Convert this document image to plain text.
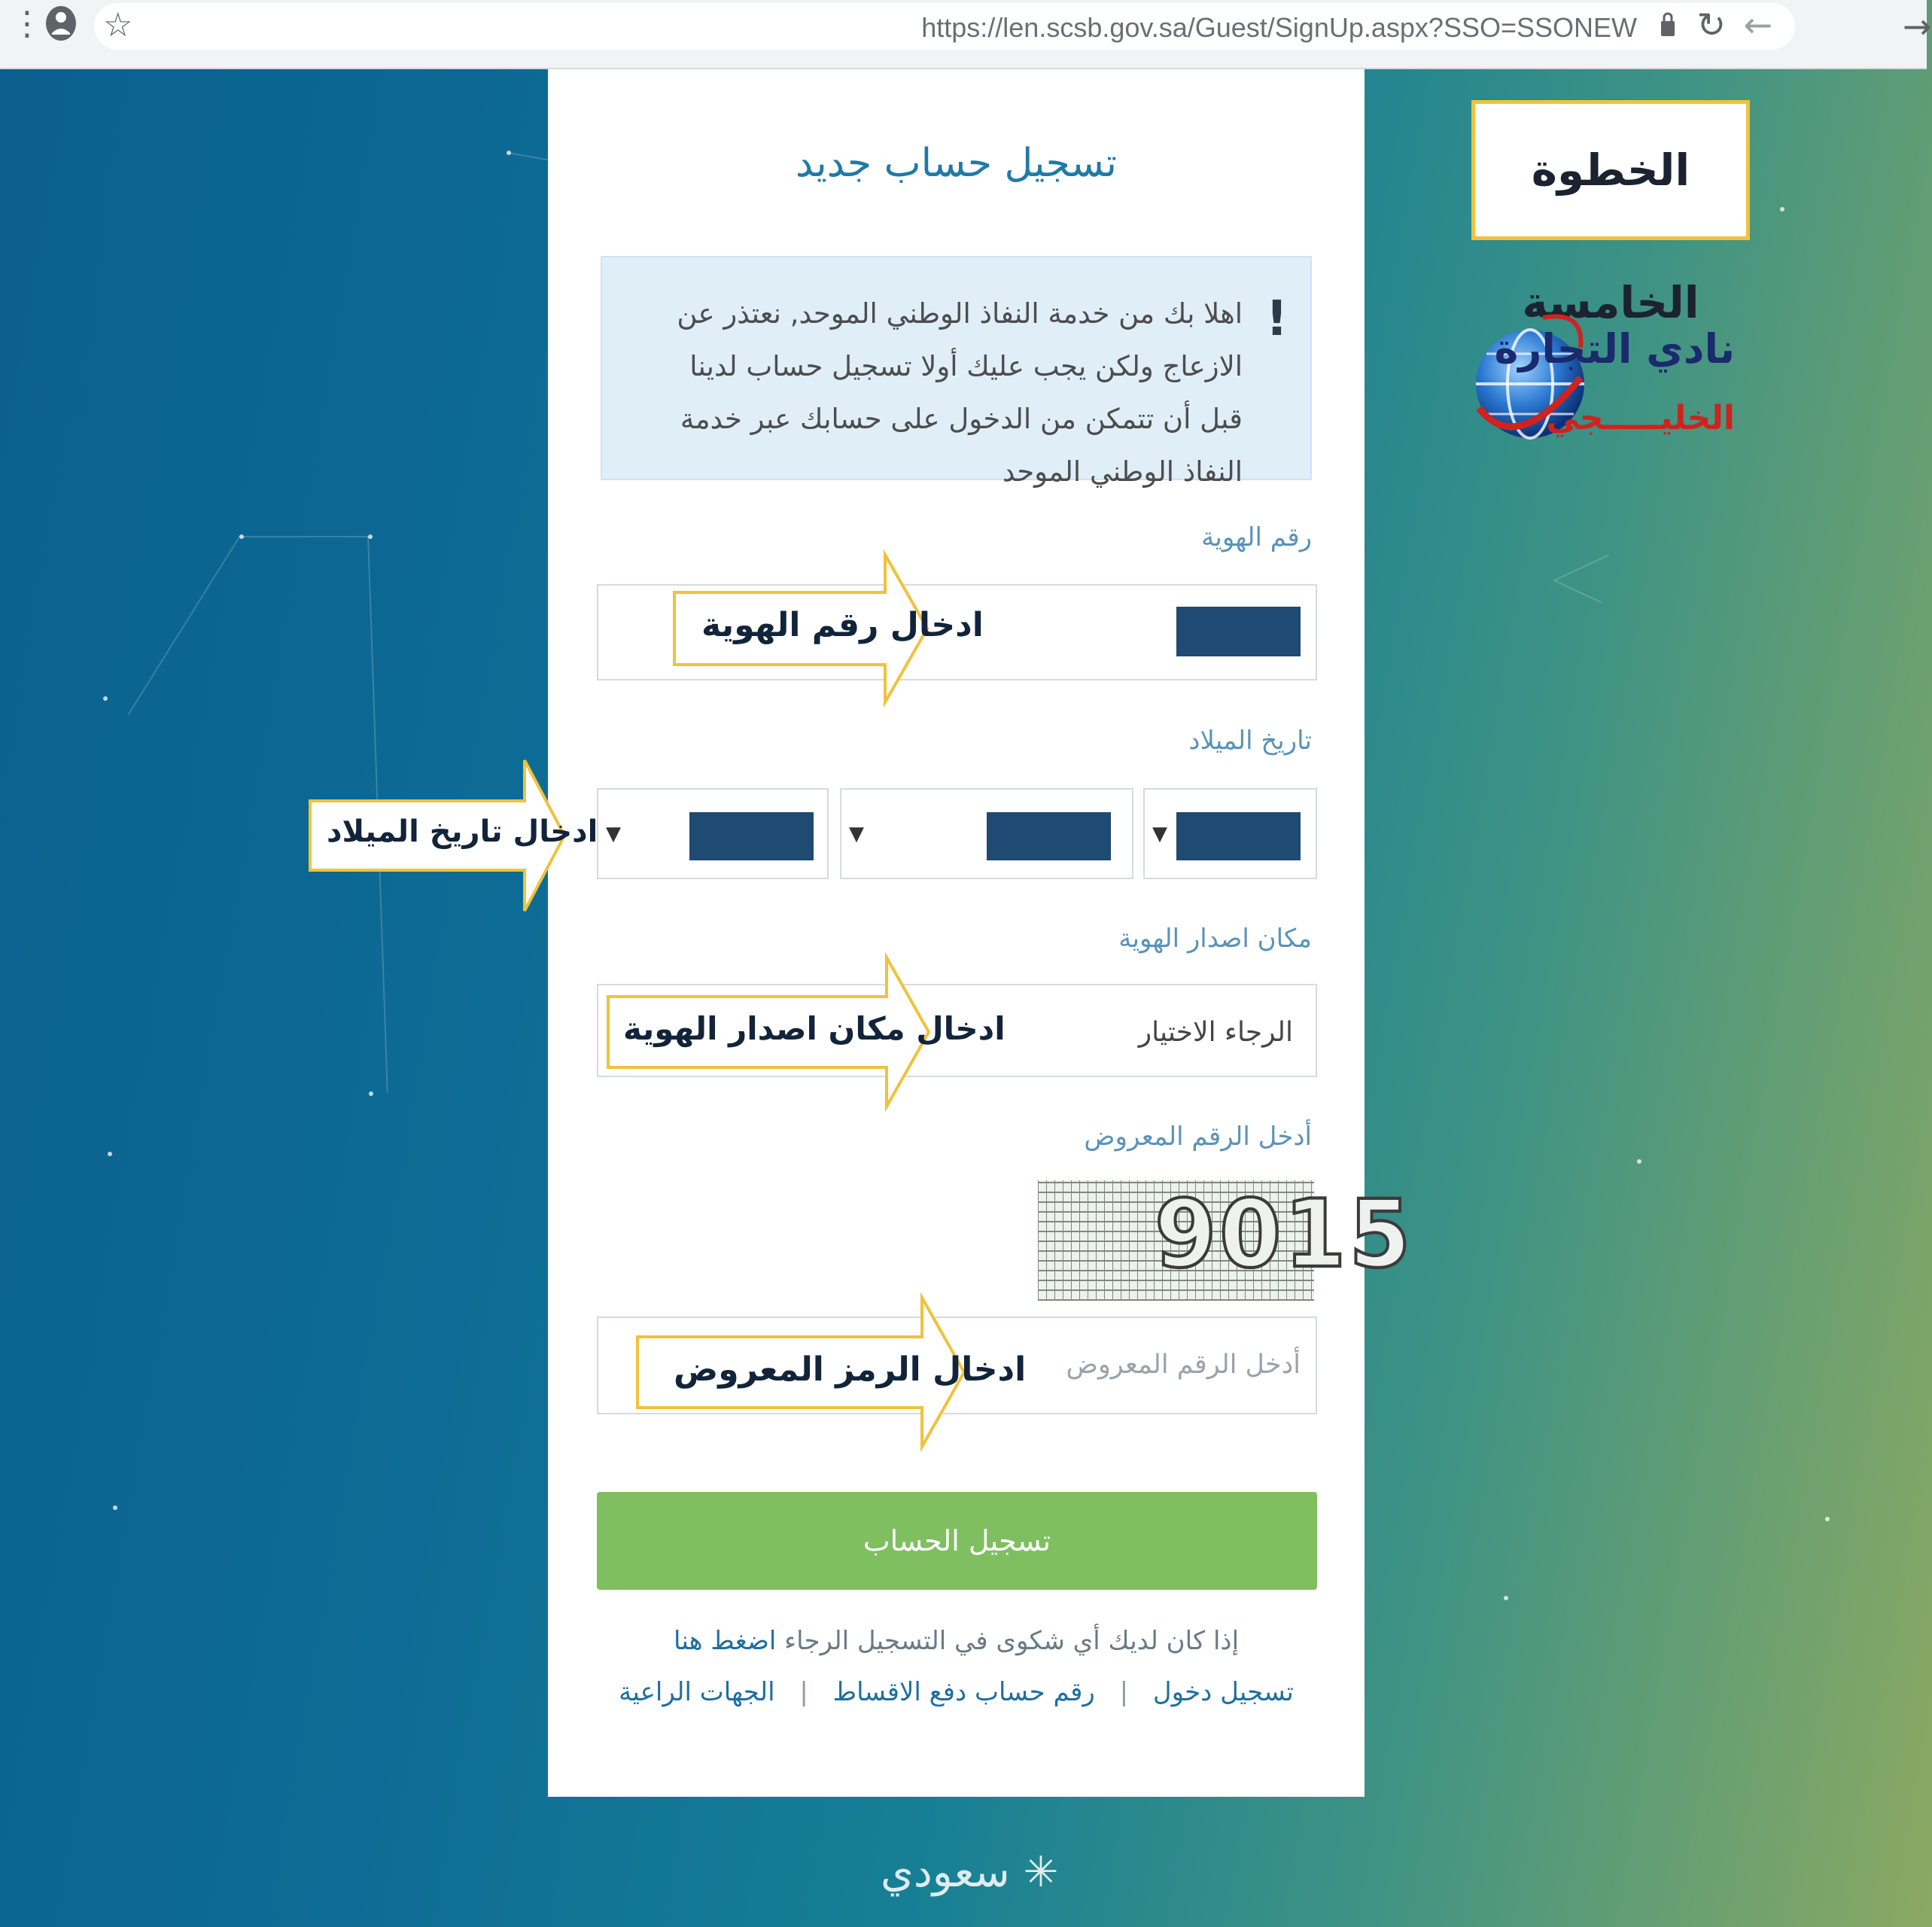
⋮ ☆	https://len.scsb.gov.sa/Guest/SignUp.aspx?SSO=SSONEW ↻ ←	→
تسجيل حساب جديد
!
اهلا بك من خدمة النفاذ الوطني الموحد, نعتذر عن الازعاج ولكن يجب عليك أولا تسجيل حساب لدينا قبل أن تتمكن من الدخول على حسابك عبر خدمة النفاذ الوطني الموحد
رقم الهوية
تاريخ الميلاد
▼
▼
▼
مكان اصدار الهوية
الرجاء الاختيار
أدخل الرقم المعروض
9015
أدخل الرقم المعروض
تسجيل الحساب
إذا كان لديك أي شكوى في التسجيل الرجاء اضغط هنا
تسجيل دخول | رقم حساب دفع الاقساط | الجهات الراعية
ادخال رقم الهوية
ادخال تاريخ الميلاد
ادخال مكان اصدار الهوية
ادخال الرمز المعروض
الخطوة الخامسة
نادي التجارة
الخليـــــجي
✳ سعودي
